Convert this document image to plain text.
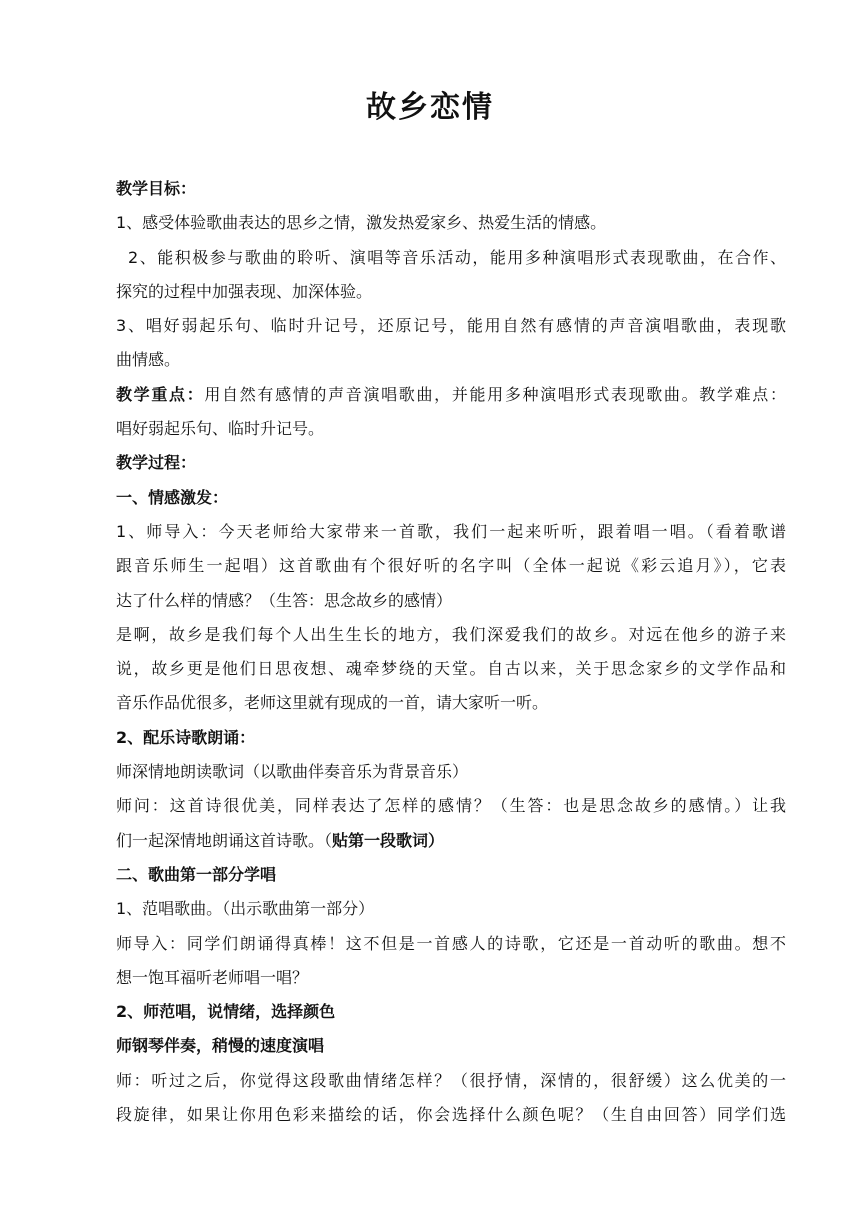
故乡恋情
教学目标：
1、感受体验歌曲表达的思乡之情，激发热爱家乡、热爱生活的情感。
2、能积极参与歌曲的聆听、演唱等音乐活动，能用多种演唱形式表现歌曲，在合作、
探究的过程中加强表现、加深体验。
3、唱好弱起乐句、临时升记号，还原记号，能用自然有感情的声音演唱歌曲，表现歌
曲情感。
教学重点：用自然有感情的声音演唱歌曲，并能用多种演唱形式表现歌曲。教学难点：
唱好弱起乐句、临时升记号。
教学过程：
一、情感激发：
1、师导入：今天老师给大家带来一首歌，我们一起来听听，跟着唱一唱。（看着歌谱
跟音乐师生一起唱）这首歌曲有个很好听的名字叫（全体一起说《彩云追月》），它表
达了什么样的情感？（生答：思念故乡的感情）
是啊，故乡是我们每个人出生生长的地方，我们深爱我们的故乡。对远在他乡的游子来
说，故乡更是他们日思夜想、魂牵梦绕的天堂。自古以来，关于思念家乡的文学作品和
音乐作品优很多，老师这里就有现成的一首，请大家听一听。
2、配乐诗歌朗诵：
师深情地朗读歌词（以歌曲伴奏音乐为背景音乐）
师问：这首诗很优美，同样表达了怎样的感情？（生答：也是思念故乡的感情。）让我
们一起深情地朗诵这首诗歌。（贴第一段歌词）
二、歌曲第一部分学唱
1、范唱歌曲。（出示歌曲第一部分）
师导入：同学们朗诵得真棒！这不但是一首感人的诗歌，它还是一首动听的歌曲。想不
想一饱耳福听老师唱一唱？
2、师范唱，说情绪，选择颜色
师钢琴伴奏，稍慢的速度演唱
师：听过之后，你觉得这段歌曲情绪怎样？（很抒情，深情的，很舒缓）这么优美的一
段旋律，如果让你用色彩来描绘的话，你会选择什么颜色呢？（生自由回答）同学们选
